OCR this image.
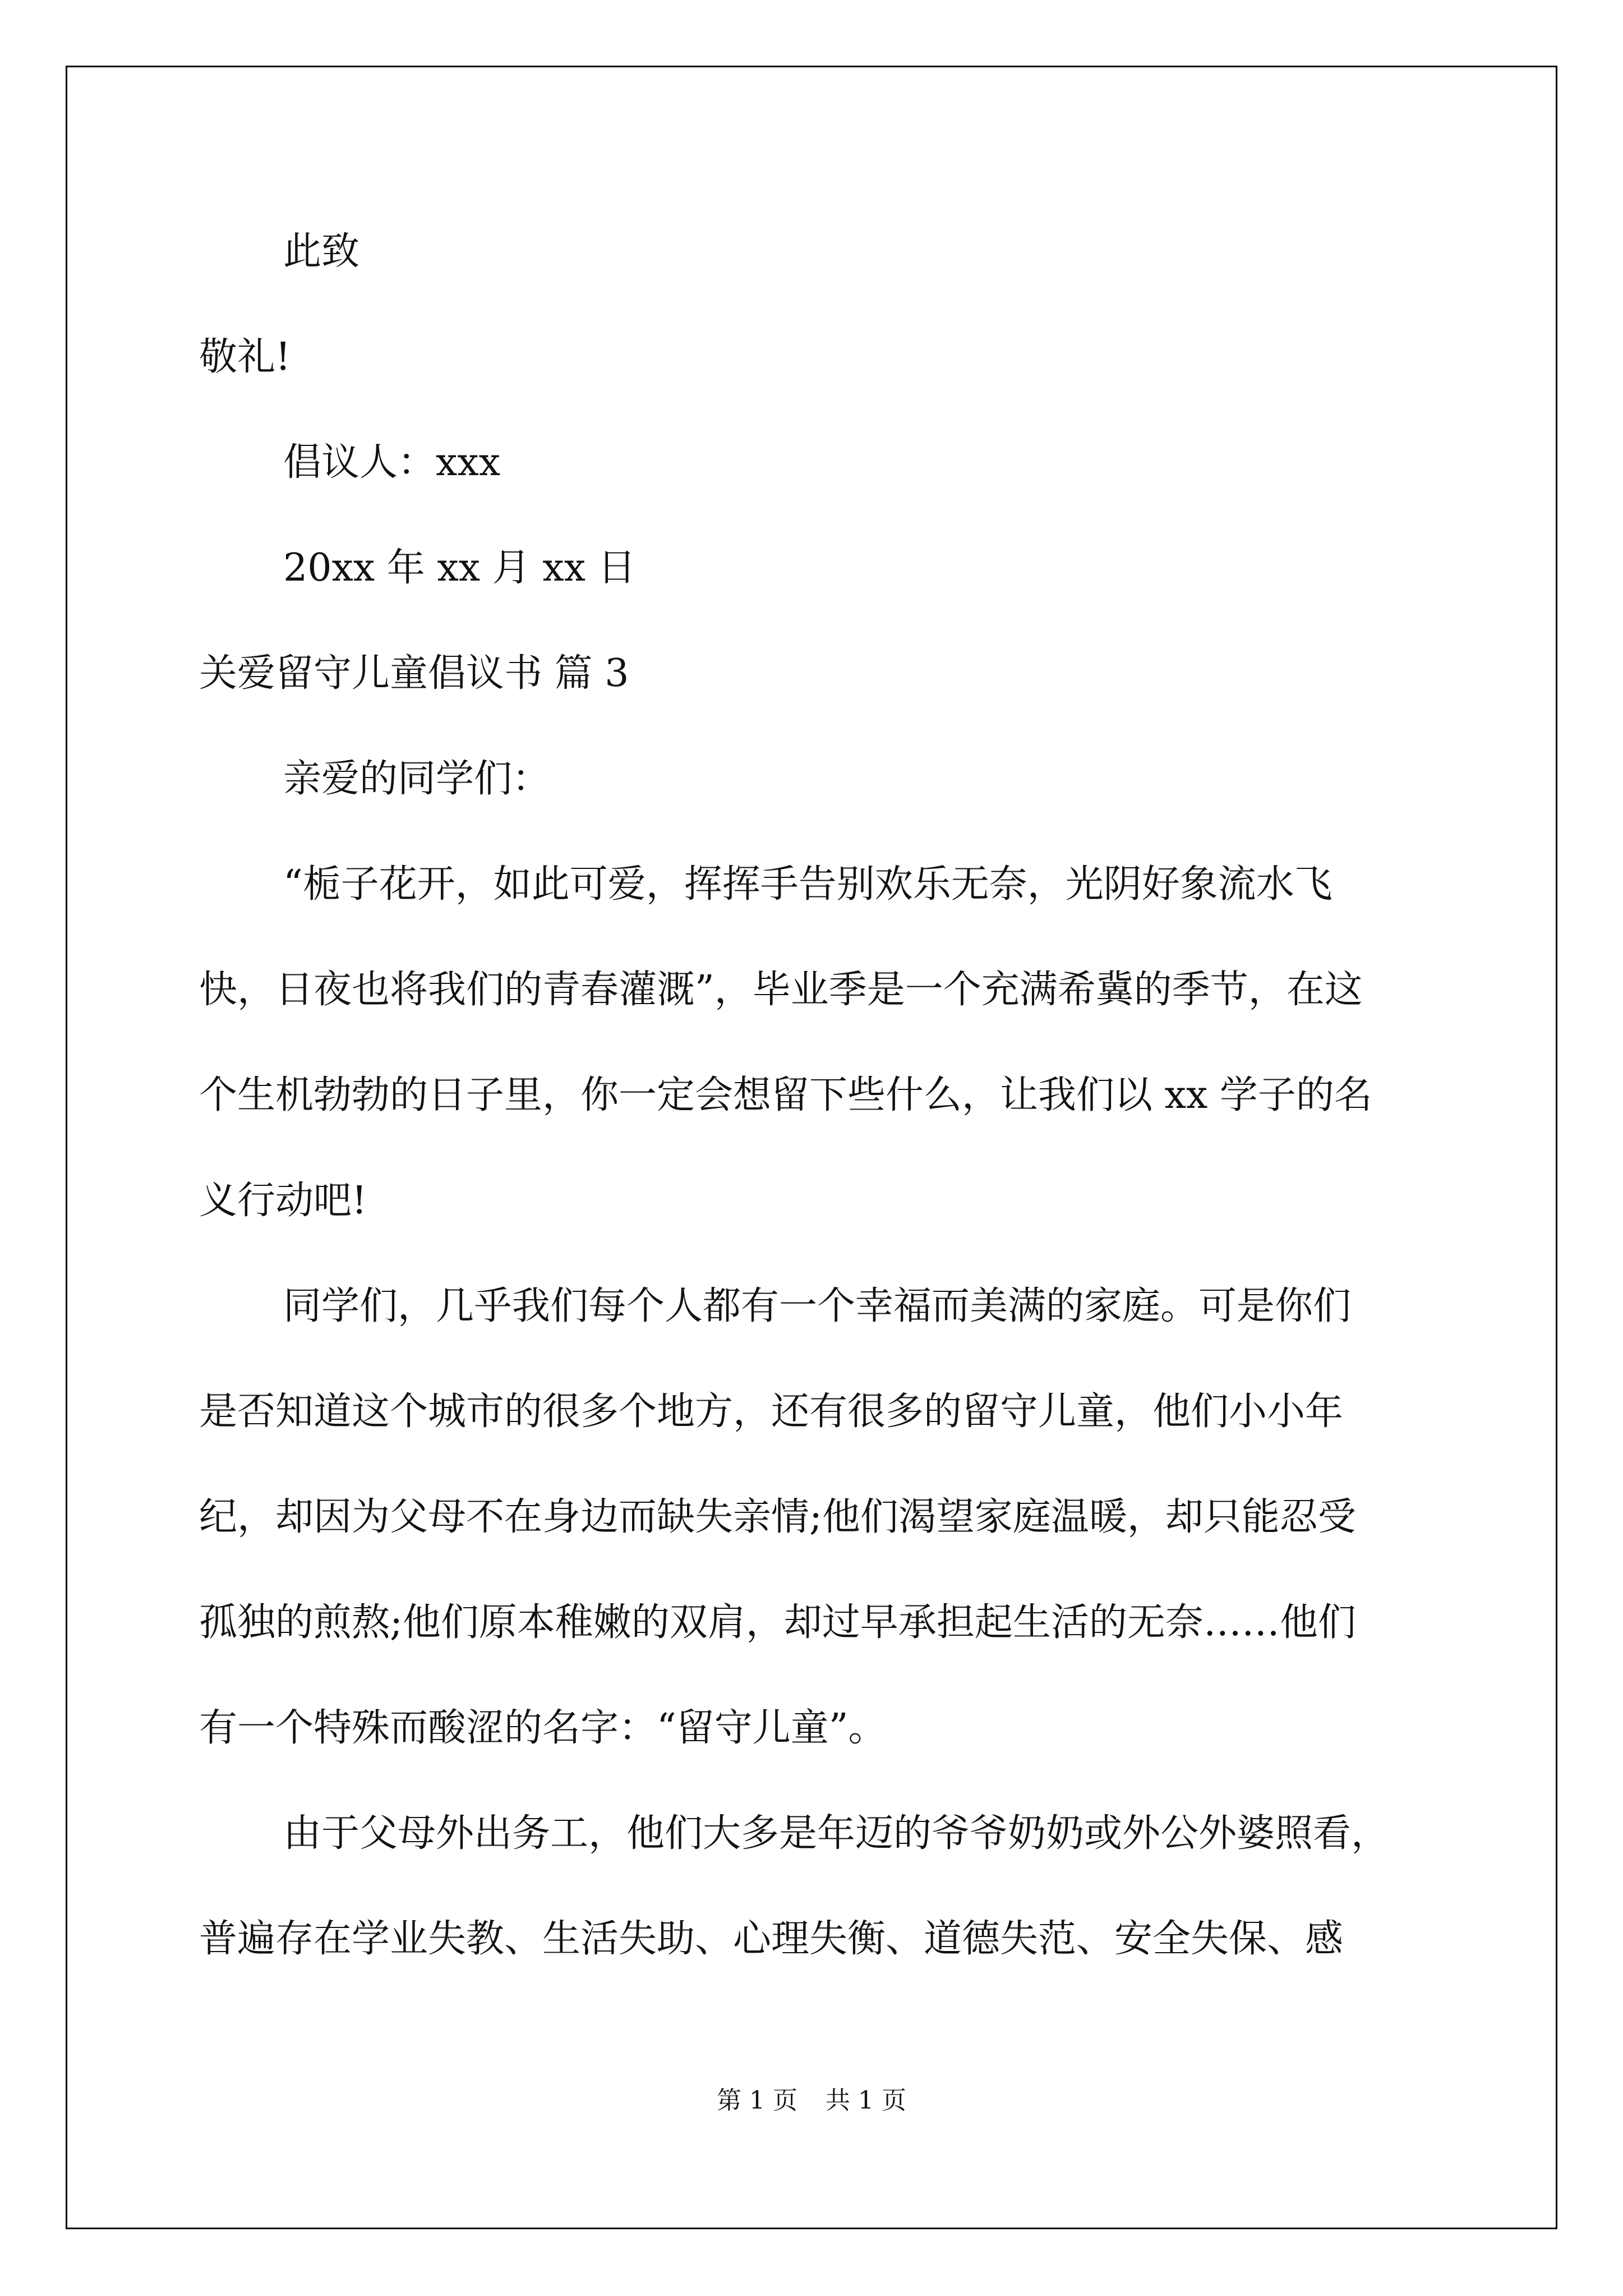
此致

敬礼!

倡议人：xxx

20xx 年 xx 月 xx 日

关爱留守儿童倡议书 篇 3

亲爱的同学们：

“栀子花开，如此可爱，挥挥手告别欢乐无奈，光阴好象流水飞
快，日夜也将我们的青春灌溉”，毕业季是一个充满希冀的季节，在这
个生机勃勃的日子里，你一定会想留下些什么，让我们以 xx 学子的名
义行动吧!
同学们，几乎我们每个人都有一个幸福而美满的家庭。可是你们
是否知道这个城市的很多个地方，还有很多的留守儿童，他们小小年
纪，却因为父母不在身边而缺失亲情;他们渴望家庭温暖，却只能忍受
孤独的煎熬;他们原本稚嫩的双肩，却过早承担起生活的无奈……他们
有一个特殊而酸涩的名字：“留守儿童”。
由于父母外出务工，他们大多是年迈的爷爷奶奶或外公外婆照看，
普遍存在学业失教、生活失助、心理失衡、道德失范、安全失保、感
第 1 页 共 1 页
